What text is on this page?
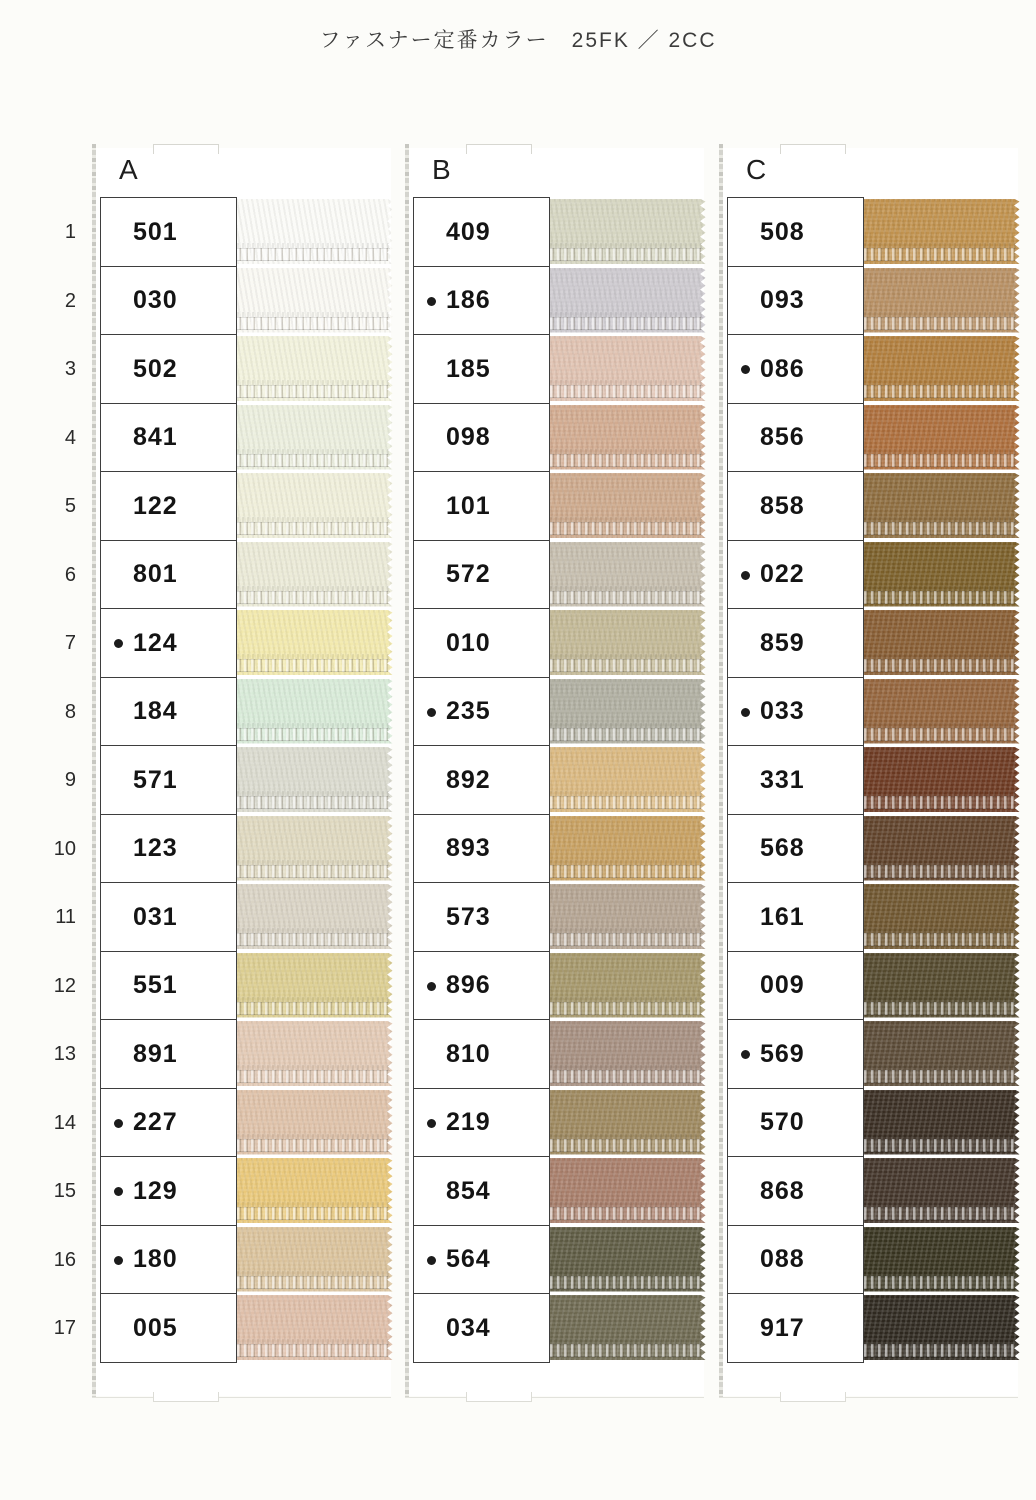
ファスナー定番カラー　25FK ／ 2CC
A
1 501
2 030
3 502
4 841
5 122
6 801
7 124
8 184
9 571
10 123
11 031
12 551
13 891
14 227
15 129
16 180
17 005
B
409
186
185
098
101
572
010
235
892
893
573
896
810
219
854
564
034
C
508
093
086
856
858
022
859
033
331
568
161
009
569
570
868
088
917
